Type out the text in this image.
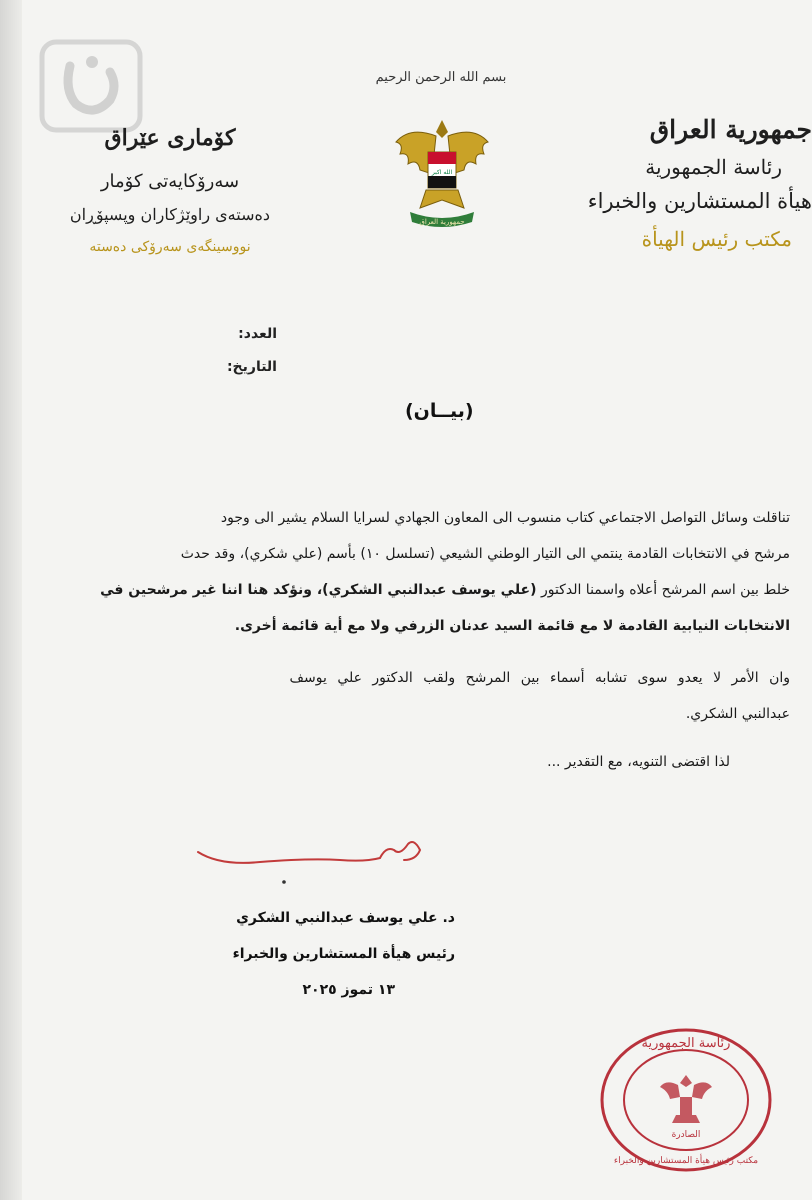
بسم الله الرحمن الرحيم
الله اكبر
جمهورية العراق
جمهورية العراق
رئاسة الجمهورية
هيأة المستشارين والخبراء
مكتب رئيس الهيأة
كۆماری عێراق
سەرۆكایەتی كۆمار
دەستەی راوێژكاران وپسپۆڕان
نووسینگەی سەرۆكی دەستە
العدد:
التاريخ:
(بيــان)
تناقلت وسائل التواصل الاجتماعي كتاب منسوب الى المعاون الجهادي لسرايا السلام يشير الى وجود
مرشح في الانتخابات القادمة ينتمي الى التيار الوطني الشيعي (تسلسل ١٠) بأسم (علي شكري)، وقد حدث
خلط بين اسم المرشح أعلاه واسمنا الدكتور (علي يوسف عبدالنبي الشكري)، ونؤكد هنا اننا غير مرشحين في
الانتخابات النيابية القادمة لا مع قائمة السيد عدنان الزرفي ولا مع أية قائمة أخرى.
وان الأمر لا يعدو سوى تشابه أسماء بين المرشح ولقب الدكتور علي يوسف
عبدالنبي الشكري.
لذا اقتضى التنويه، مع التقدير ...
د. علي يوسف عبدالنبي الشكري
رئيس هيأة المستشارين والخبراء
١٣ تموز ٢٠٢٥
رئاسة الجمهورية
الصادرة
مكتب رئيس هيأة المستشارين والخبراء
